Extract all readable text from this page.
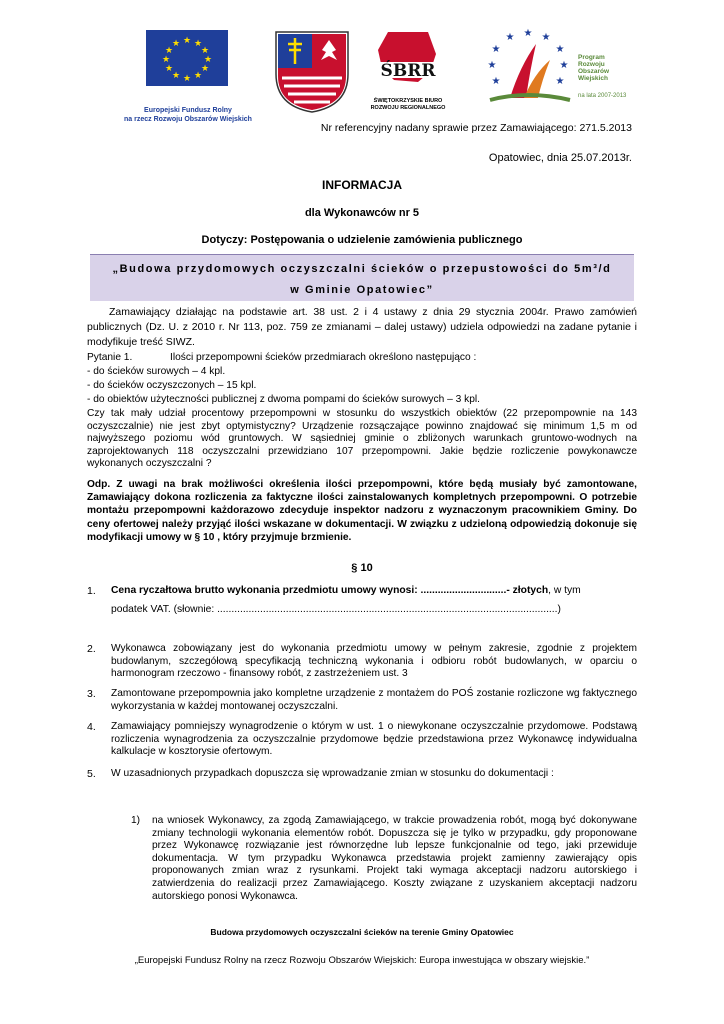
★ ★
★
★
★
★
★
★
★
★
★
★
Europejski Fundusz Rolny
na rzecz Rozwoju Obszarów Wiejskich
ŚBRR
ŚWIĘTOKRZYSKIE BIURO
ROZWOJU REGIONALNEGO
★ ★ ★
★
★
★
★
★
★
Program
Rozwoju
Obszarów
Wiejskich
na lata 2007-2013
Nr referencyjny nadany sprawie przez Zamawiającego: 271.5.2013
Opatowiec, dnia 25.07.2013r.
INFORMACJA
dla Wykonawców nr 5
Dotyczy: Postępowania o udzielenie zamówienia publicznego
„Budowa przydomowych oczyszczalni ścieków o przepustowości do 5m³/d
w Gminie Opatowiec”
Zamawiający działając na podstawie art. 38 ust. 2 i 4 ustawy z dnia 29 stycznia 2004r. Prawo zamówień publicznych (Dz. U. z 2010 r. Nr 113, poz. 759 ze zmianami – dalej ustawy) udziela odpowiedzi na zadane pytanie i modyfikuje treść SIWZ.
Pytanie 1.	Ilości przepompowni ścieków przedmiarach określono następująco :
- do ścieków surowych – 4 kpl.
- do ścieków oczyszczonych – 15 kpl.
- do obiektów użyteczności publicznej z dwoma pompami do ścieków surowych – 3 kpl.
Czy tak mały udział procentowy przepompowni w stosunku do wszystkich obiektów (22 przepompownie na 143 oczyszczalnie) nie jest zbyt optymistyczny? Urządzenie rozsączające powinno znajdować się minimum 1,5 m od najwyższego poziomu wód gruntowych. W sąsiedniej gminie o zbliżonych warunkach gruntowo-wodnych na zaprojektowanych 118 oczyszczalni przewidziano 107 przepompowni. Jakie będzie rozliczenie powykonawcze wykonanych oczyszczalni ?
Odp. Z uwagi na brak możliwości określenia ilości przepompowni, które będą musiały być zamontowane, Zamawiający dokona rozliczenia za faktyczne ilości zainstalowanych kompletnych przepompowni. O potrzebie montażu przepompowni każdorazowo zdecyduje inspektor nadzoru z wyznaczonym pracownikiem Gminy. Do ceny ofertowej należy przyjąć ilości wskazane w dokumentacji. W związku z udzieloną odpowiedzią dokonuje się modyfikacji umowy w § 10 , który przyjmuje brzmienie.
§ 10
1. Cena ryczałtowa brutto wykonania przedmiotu umowy wynosi: ..............................- złotych, w tym
podatek VAT. (słownie: .......................................................................................................................)
2. Wykonawca zobowiązany jest do wykonania przedmiotu umowy w pełnym zakresie, zgodnie z projektem budowlanym, szczegółową specyfikacją techniczną wykonania i odbioru robót budowlanych, w oparciu o harmonogram rzeczowo - finansowy robót, z zastrzeżeniem ust. 3
3. Zamontowane przepompownia jako kompletne urządzenie z montażem do POŚ zostanie rozliczone wg faktycznego wykorzystania w każdej montowanej oczyszczalni.
4. Zamawiający pomniejszy wynagrodzenie o którym w ust. 1 o niewykonane oczyszczalnie przydomowe. Podstawą rozliczenia wynagrodzenia za oczyszczalnie przydomowe będzie przedstawiona przez Wykonawcę indywidualna kalkulacje w kosztorysie ofertowym.
5. W uzasadnionych przypadkach dopuszcza się wprowadzanie zmian w stosunku do dokumentacji :
1) na wniosek Wykonawcy, za zgodą Zamawiającego, w trakcie prowadzenia robót, mogą być dokonywane zmiany technologii wykonania elementów robót. Dopuszcza się je tylko w przypadku, gdy proponowane przez Wykonawcę rozwiązanie jest równorzędne lub lepsze funkcjonalnie od tego, jaki przewiduje dokumentacja. W tym przypadku Wykonawca przedstawia projekt zamienny zawierający opis proponowanych zmian wraz z rysunkami. Projekt taki wymaga akceptacji nadzoru autorskiego i zatwierdzenia do realizacji przez Zamawiającego. Koszty związane z uzyskaniem akceptacji nadzoru autorskiego ponosi Wykonawca.
Budowa przydomowych oczyszczalni ścieków na terenie Gminy Opatowiec
„Europejski Fundusz Rolny na rzecz Rozwoju Obszarów Wiejskich: Europa inwestująca w obszary wiejskie.”
